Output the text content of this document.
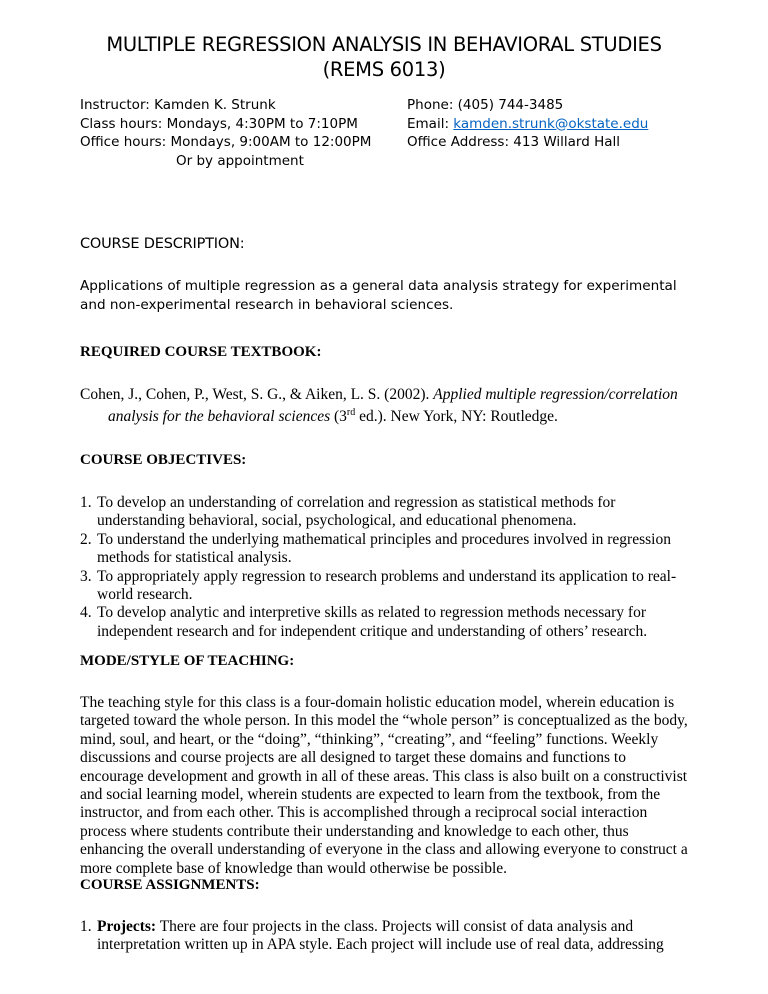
MULTIPLE REGRESSION ANALYSIS IN BEHAVIORAL STUDIES (REMS 6013)
Instructor: Kamden K. Strunk
Class hours: Mondays, 4:30PM to 7:10PM
Office hours: Mondays, 9:00AM to 12:00PM
Or by appointment
Phone: (405) 744-3485
Email: kamden.strunk@okstate.edu
Office Address: 413 Willard Hall
COURSE DESCRIPTION:

Applications of multiple regression as a general data analysis strategy for experimental and non-experimental research in behavioral sciences.

REQUIRED COURSE TEXTBOOK:

Cohen, J., Cohen, P., West, S. G., & Aiken, L. S. (2002). Applied multiple regression/correlation analysis for the behavioral sciences (3rd ed.). New York, NY: Routledge.

COURSE OBJECTIVES:
1. To develop an understanding of correlation and regression as statistical methods for understanding behavioral, social, psychological, and educational phenomena.
2. To understand the underlying mathematical principles and procedures involved in regression methods for statistical analysis.
3. To appropriately apply regression to research problems and understand its application to real-world research.
4. To develop analytic and interpretive skills as related to regression methods necessary for independent research and for independent critique and understanding of others’ research.
MODE/STYLE OF TEACHING:

The teaching style for this class is a four-domain holistic education model, wherein education is targeted toward the whole person. In this model the “whole person” is conceptualized as the body, mind, soul, and heart, or the “doing”, “thinking”, “creating”, and “feeling” functions. Weekly discussions and course projects are all designed to target these domains and functions to encourage development and growth in all of these areas. This class is also built on a constructivist and social learning model, wherein students are expected to learn from the textbook, from the instructor, and from each other. This is accomplished through a reciprocal social interaction process where students contribute their understanding and knowledge to each other, thus enhancing the overall understanding of everyone in the class and allowing everyone to construct a more complete base of knowledge than would otherwise be possible.

COURSE ASSIGNMENTS:

1. Projects: There are four projects in the class. Projects will consist of data analysis and interpretation written up in APA style. Each project will include use of real data, addressing
